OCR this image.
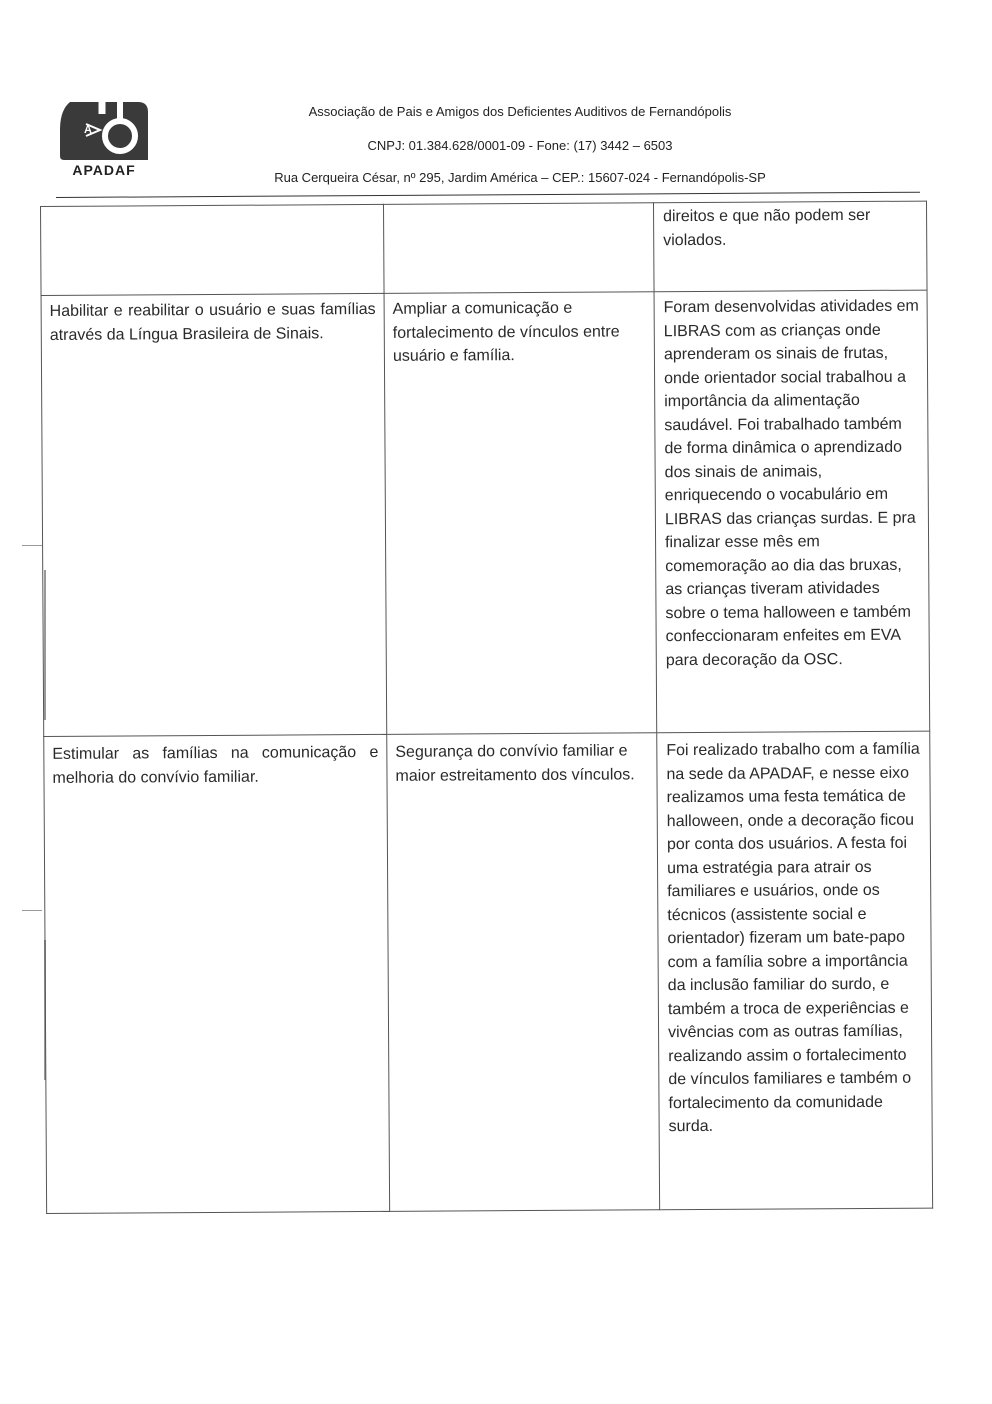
A
APADAF
Associação de Pais e Amigos dos Deficientes Auditivos de Fernandópolis
CNPJ: 01.384.628/0001-09 - Fone: (17) 3442 – 6503
Rua Cerqueira César, nº 295, Jardim América – CEP.: 15607-024 - Fernandópolis-SP
		direitos e que não podem ser violados.
Habilitar e reabilitar o usuário e suas famílias através da Língua Brasileira de Sinais.	Ampliar a comunicação e fortalecimento de vínculos entre usuário e família.	Foram desenvolvidas atividades em LIBRAS com as crianças onde aprenderam os sinais de frutas, onde orientador social trabalhou a importância da alimentação saudável. Foi trabalhado também de forma dinâmica o aprendizado dos sinais de animais, enriquecendo o vocabulário em LIBRAS das crianças surdas. E pra finalizar esse mês em comemoração ao dia das bruxas, as crianças tiveram atividades sobre o tema halloween e também confeccionaram enfeites em EVA para decoração da OSC.
Estimular as famílias na comunicação e melhoria do convívio familiar.	Segurança do convívio familiar e maior estreitamento dos vínculos.	Foi realizado trabalho com a família na sede da APADAF, e nesse eixo realizamos uma festa temática de halloween, onde a decoração ficou por conta dos usuários. A festa foi uma estratégia para atrair os familiares e usuários, onde os técnicos (assistente social e orientador) fizeram um bate-papo com a família sobre a importância da inclusão familiar do surdo, e também a troca de experiências e vivências com as outras famílias, realizando assim o fortalecimento de vínculos familiares e também o fortalecimento da comunidade surda.
